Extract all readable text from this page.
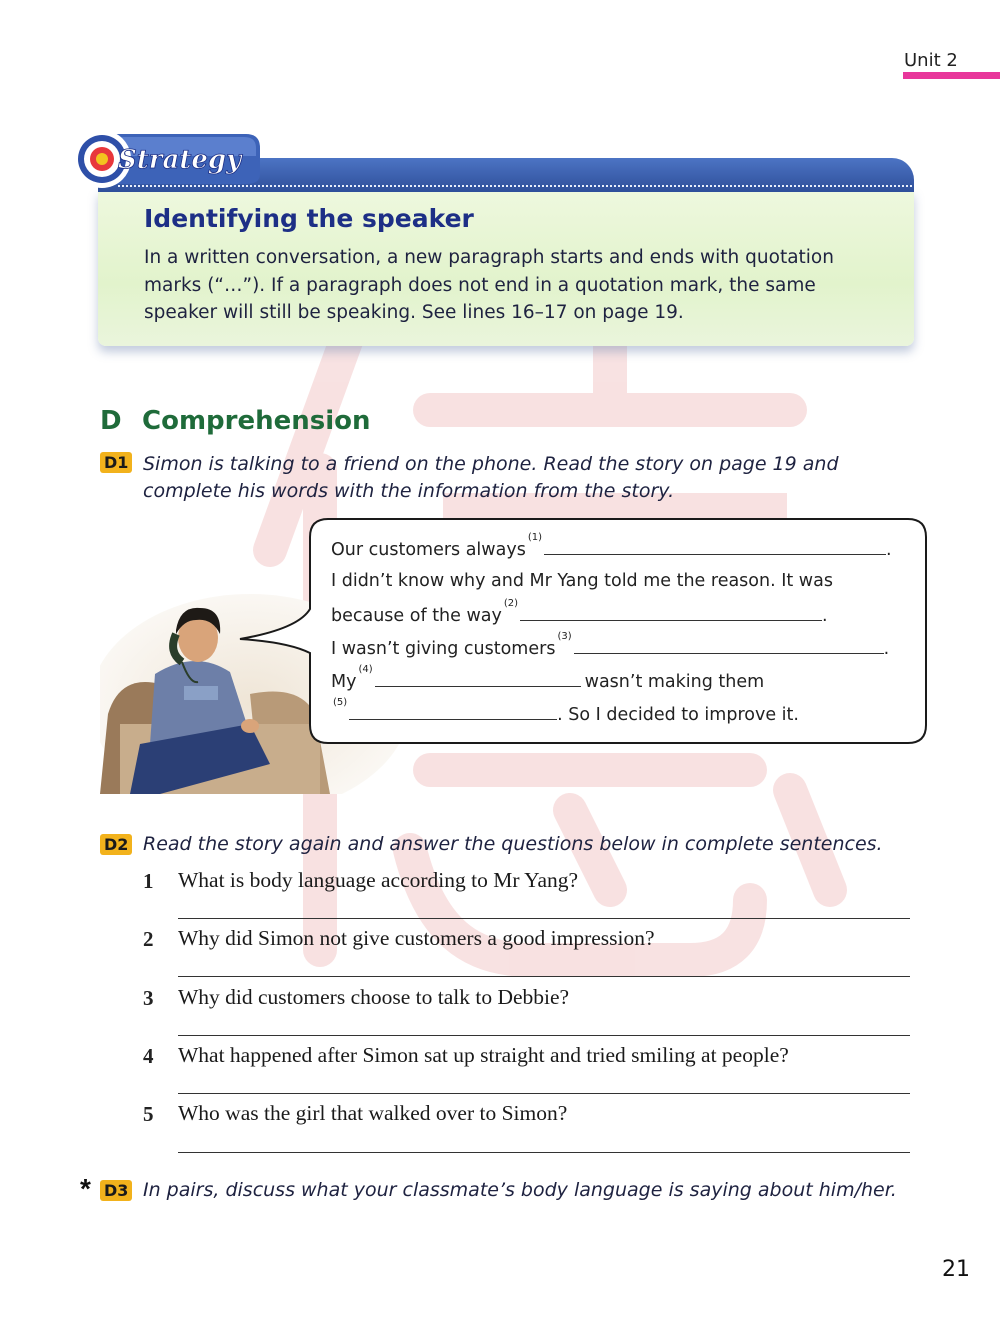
Unit 2
Strategy
Identifying the speaker
In a written conversation, a new paragraph starts and ends with quotation marks (“…”). If a paragraph does not end in a quotation mark, the same speaker will still be speaking. See lines 16–17 on page 19.
D Comprehension
D1 Simon is talking to a friend on the phone. Read the story on page 19 and complete his words with the information from the story.
Our customers always$^{(1)}$.
I didn’t know why and Mr Yang told me the reason. It was
because of the way$^{(2)}$.
I wasn’t giving customers$^{(3)}$.
My$^{(4)}$wasn’t making them
$^{(5)}$. So I decided to improve it.
D2 Read the story again and answer the questions below in complete sentences.
1 What is body language according to Mr Yang?
2 Why did Simon not give customers a good impression?
3 Why did customers choose to talk to Debbie?
4 What happened after Simon sat up straight and tried smiling at people?
5 Who was the girl that walked over to Simon?
* D3 In pairs, discuss what your classmate’s body language is saying about him/her.
21
